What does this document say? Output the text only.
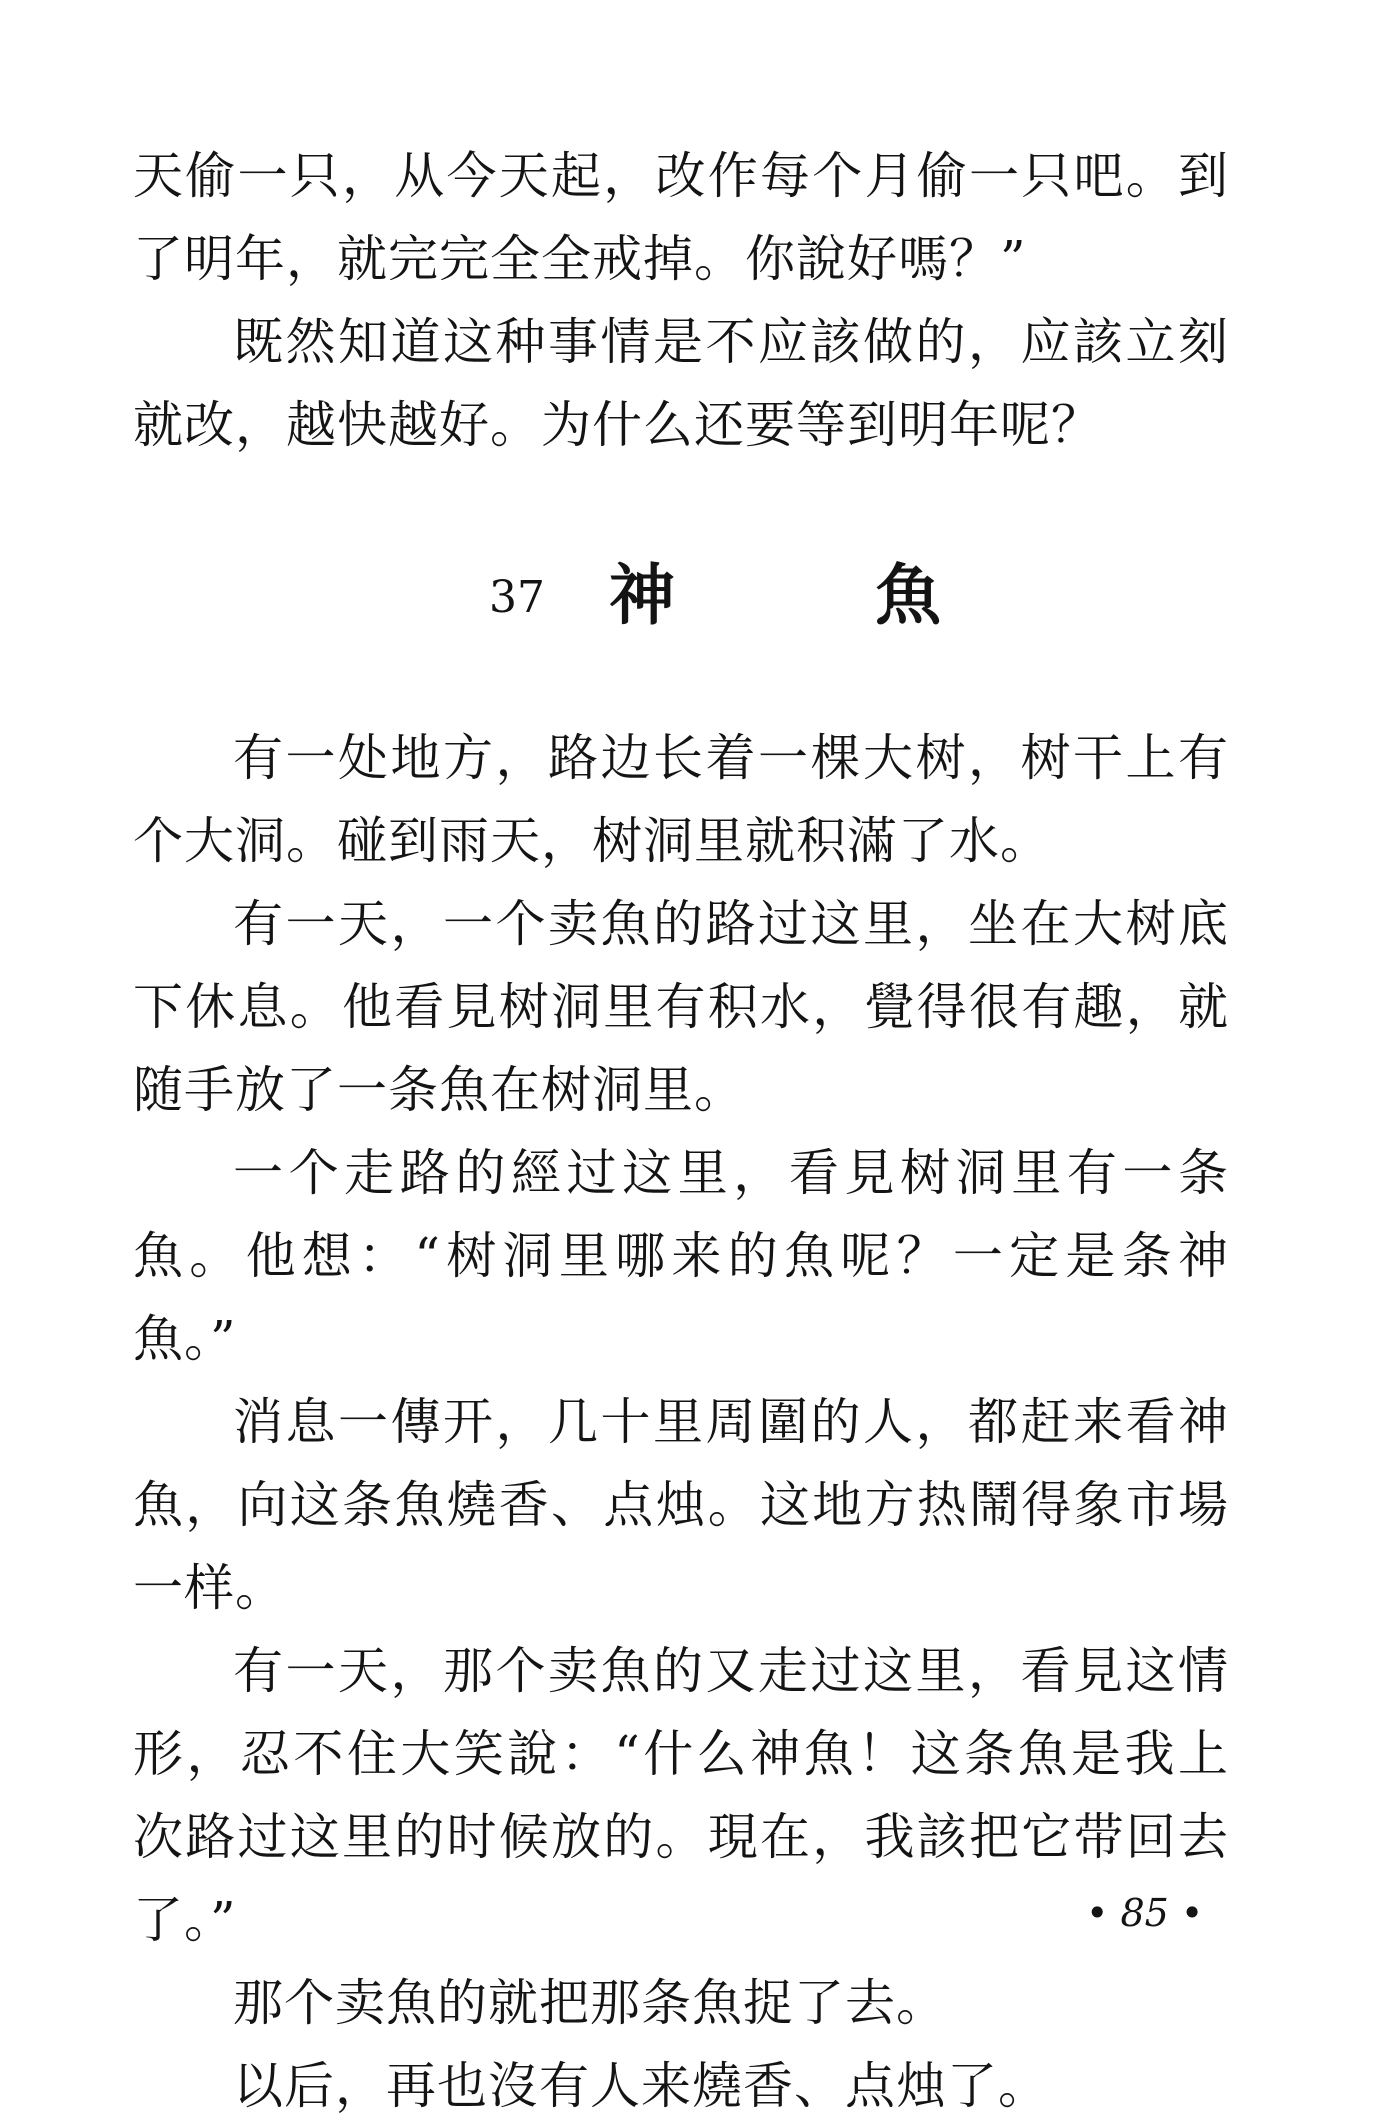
天偷一只，从今天起，改作每个月偷一只吧。到了明年，就完完全全戒掉。你說好嗎？”

既然知道这种事情是不应該做的，应該立刻就改，越快越好。为什么还要等到明年呢？

37 神魚

有一处地方，路边长着一棵大树，树干上有个大洞。碰到雨天，树洞里就积滿了水。

有一天，一个卖魚的路过这里，坐在大树底下休息。他看見树洞里有积水，覺得很有趣，就随手放了一条魚在树洞里。

一个走路的經过这里，看見树洞里有一条魚。他想：“树洞里哪来的魚呢？一定是条神魚。”

消息一傳开，几十里周圍的人，都赶来看神魚，向这条魚燒香、点烛。这地方热鬧得象市場一样。

有一天，那个卖魚的又走过这里，看見这情形，忍不住大笑說：“什么神魚！这条魚是我上次路过这里的时候放的。現在，我該把它带回去了。”

那个卖魚的就把那条魚捉了去。

以后，再也沒有人来燒香、点烛了。

• 85 •
